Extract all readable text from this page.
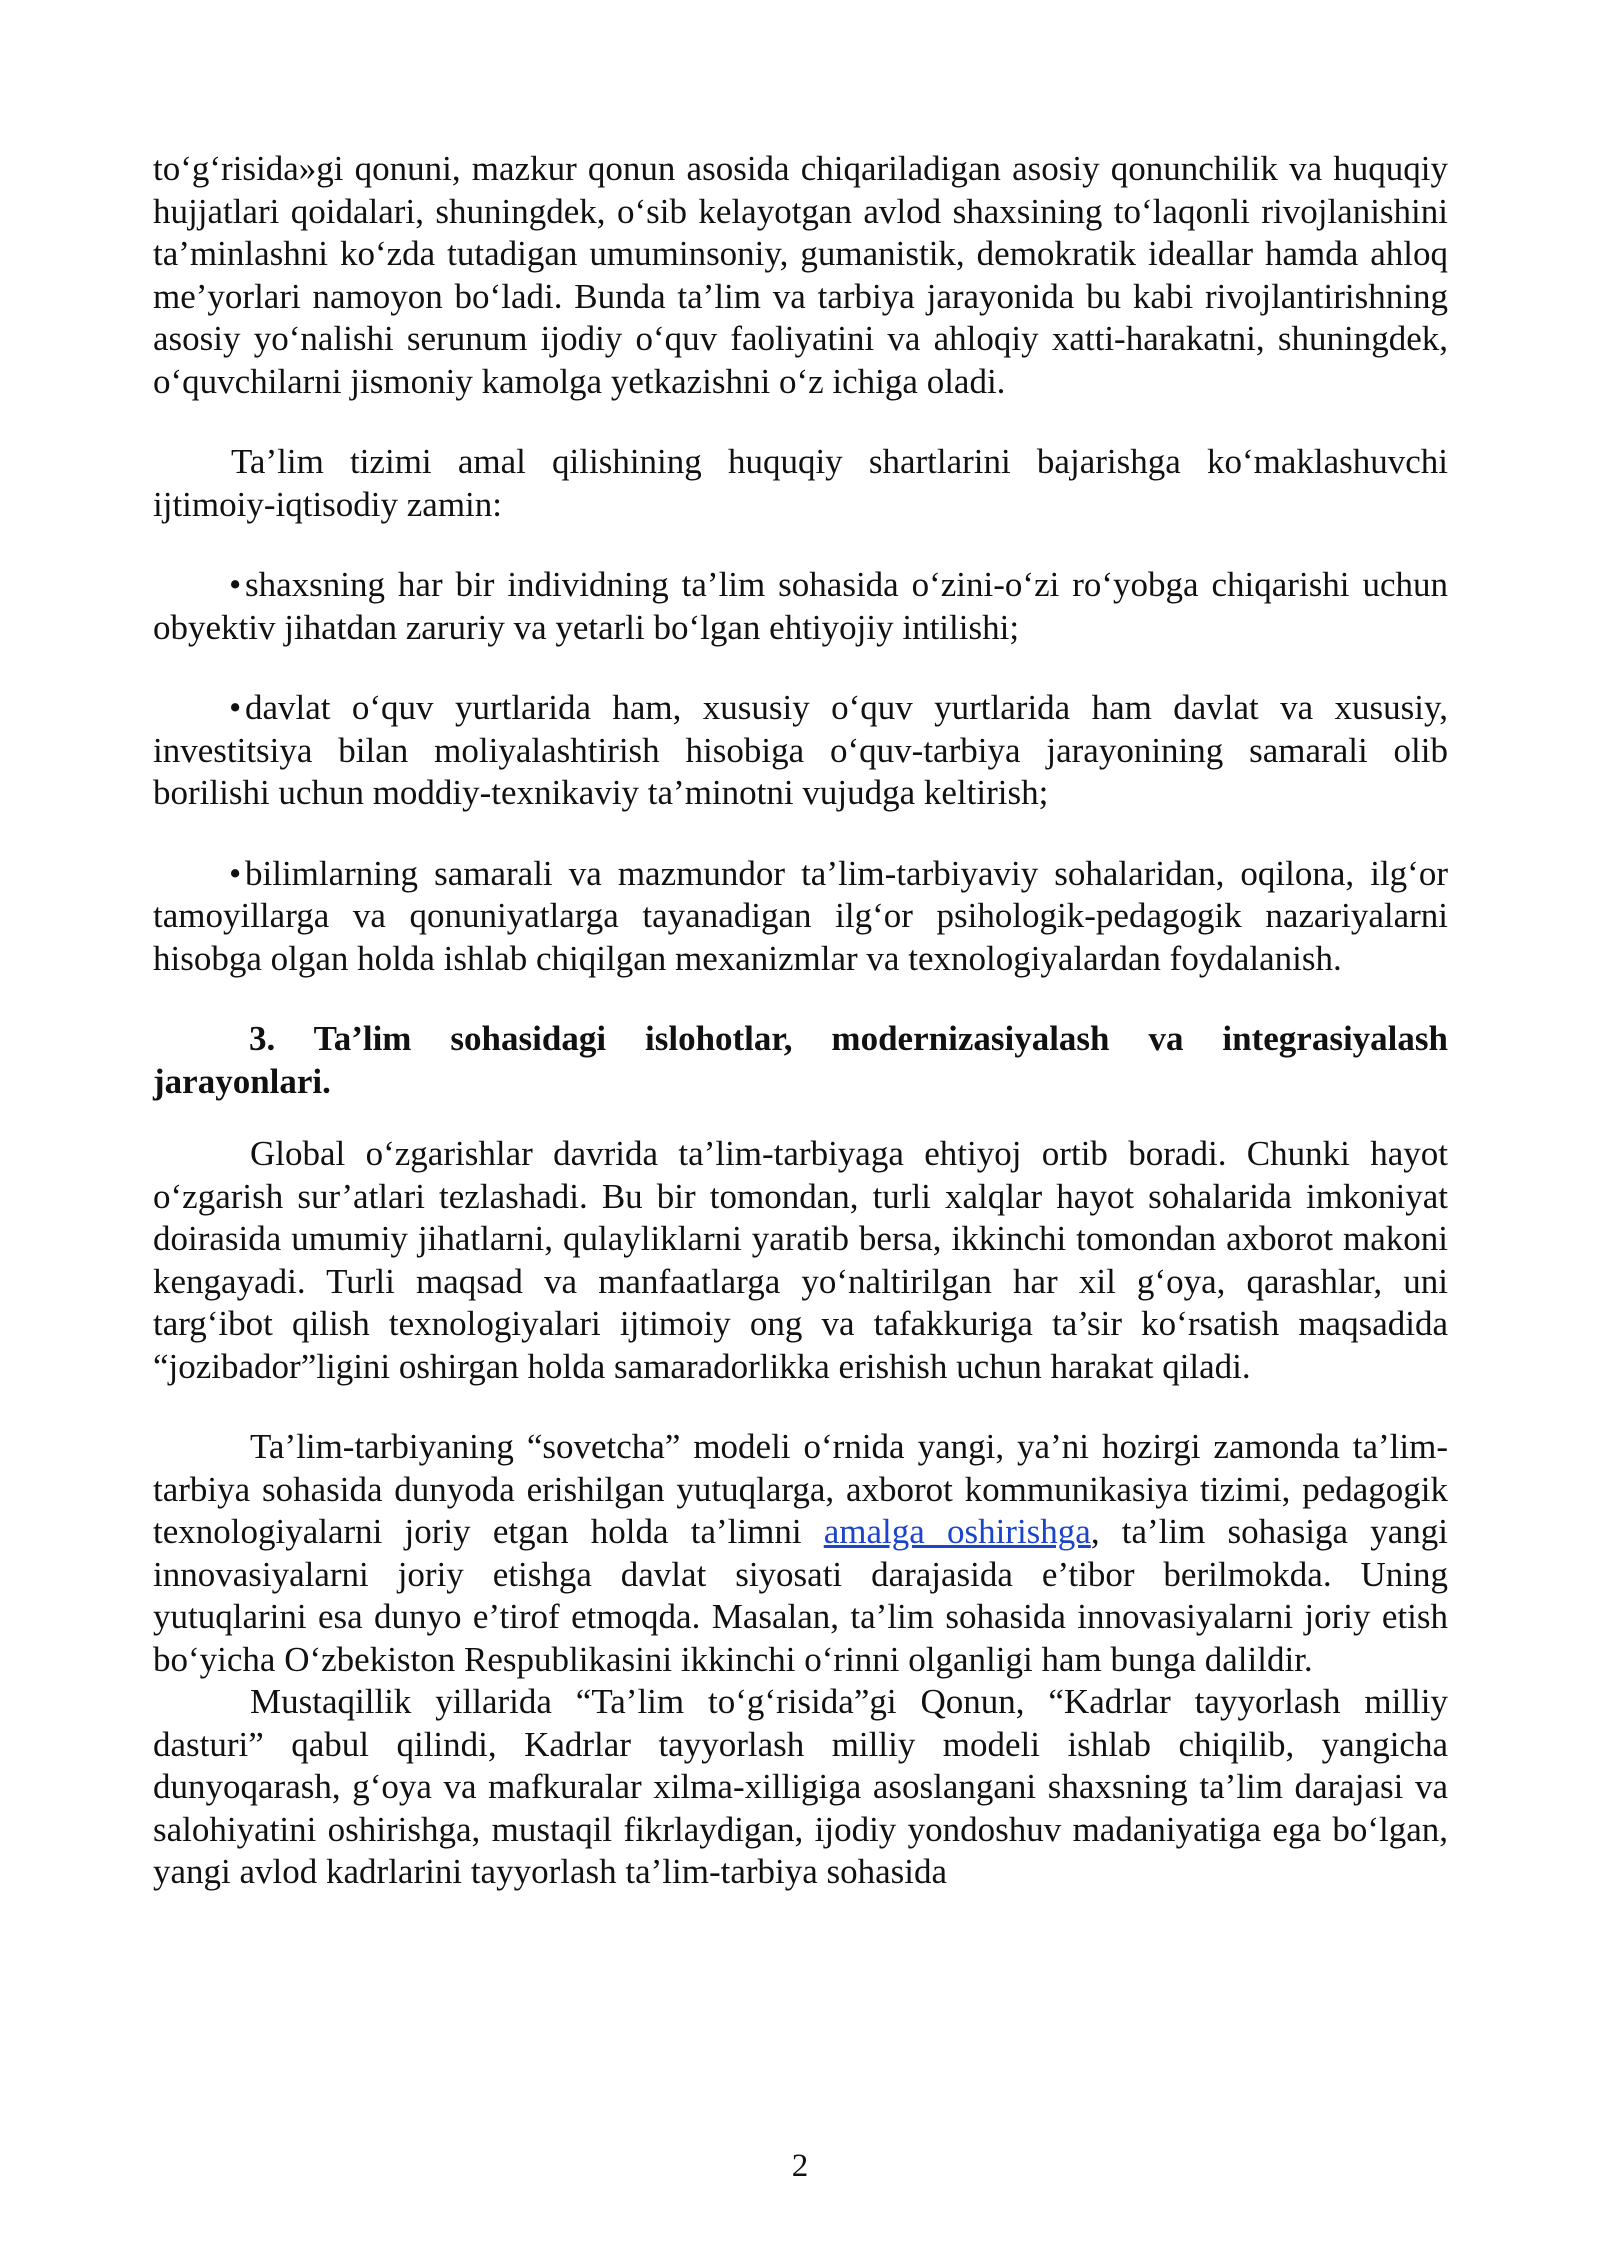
to‘g‘risida»gi qonuni, mazkur qonun asosida chiqariladigan asosiy qonunchilik va huquqiy hujjatlari qoidalari, shuningdek, o‘sib kelayotgan avlod shaxsining to‘laqonli rivojlanishini ta’minlashni ko‘zda tutadigan umuminsoniy, gumanistik, demokratik ideallar hamda ahloq me’yorlari namoyon bo‘ladi. Bunda ta’lim va tarbiya jarayonida bu kabi rivojlantirishning asosiy yo‘nalishi serunum ijodiy o‘quv faoliyatini va ahloqiy xatti-harakatni, shuningdek, o‘quvchilarni jismoniy kamolga yetkazishni o‘z ichiga oladi.

Ta’lim tizimi amal qilishining huquqiy shartlarini bajarishga ko‘maklashuvchi ijtimoiy-iqtisodiy zamin:

• shaxsning har bir individning ta’lim sohasida o‘zini-o‘zi ro‘yobga chiqarishi uchun obyektiv jihatdan zaruriy va yetarli bo‘lgan ehtiyojiy intilishi;

• davlat o‘quv yurtlarida ham, xususiy o‘quv yurtlarida ham davlat va xususiy, investitsiya bilan moliyalashtirish hisobiga o‘quv-tarbiya jarayonining samarali olib borilishi uchun moddiy-texnikaviy ta’minotni vujudga keltirish;

• bilimlarning samarali va mazmundor ta’lim-tarbiyaviy sohalaridan, oqilona, ilg‘or tamoyillarga va qonuniyatlarga tayanadigan ilg‘or psihologik-pedagogik nazariyalarni hisobga olgan holda ishlab chiqilgan mexanizmlar va texnologiyalardan foydalanish.

3. Ta’lim sohasidagi islohotlar, modernizasiyalash va integrasiyalash jarayonlari.

Global o‘zgarishlar davrida ta’lim-tarbiyaga ehtiyoj ortib boradi. Chunki hayot o‘zgarish sur’atlari tezlashadi. Bu bir tomondan, turli xalqlar hayot sohalarida imkoniyat doirasida umumiy jihatlarni, qulayliklarni yaratib bersa, ikkinchi tomondan axborot makoni kengayadi. Turli maqsad va manfaatlarga yo‘naltirilgan har xil g‘oya, qarashlar, uni targ‘ibot qilish texnologiyalari ijtimoiy ong va tafakkuriga ta’sir ko‘rsatish maqsadida “jozibador”ligini oshirgan holda samaradorlikka erishish uchun harakat qiladi.

Ta’lim-tarbiyaning “sovetcha” modeli o‘rnida yangi, ya’ni hozirgi zamonda ta’lim-tarbiya sohasida dunyoda erishilgan yutuqlarga, axborot kommunikasiya tizimi, pedagogik texnologiyalarni joriy etgan holda ta’limni amalga oshirishga, ta’lim sohasiga yangi innovasiyalarni joriy etishga davlat siyosati darajasida e’tibor berilmokda. Uning yutuqlarini esa dunyo e’tirof etmoqda. Masalan, ta’lim sohasida innovasiyalarni joriy etish bo‘yicha O‘zbekiston Respublikasini ikkinchi o‘rinni olganligi ham bunga dalildir.

Mustaqillik yillarida “Ta’lim to‘g‘risida”gi Qonun, “Kadrlar tayyorlash milliy dasturi” qabul qilindi, Kadrlar tayyorlash milliy modeli ishlab chiqilib, yangicha dunyoqarash, g‘oya va mafkuralar xilma-xilligiga asoslangani shaxsning ta’lim darajasi va salohiyatini oshirishga, mustaqil fikrlaydigan, ijodiy yondoshuv madaniyatiga ega bo‘lgan, yangi avlod kadrlarini tayyorlash ta’lim-tarbiya sohasida

2
